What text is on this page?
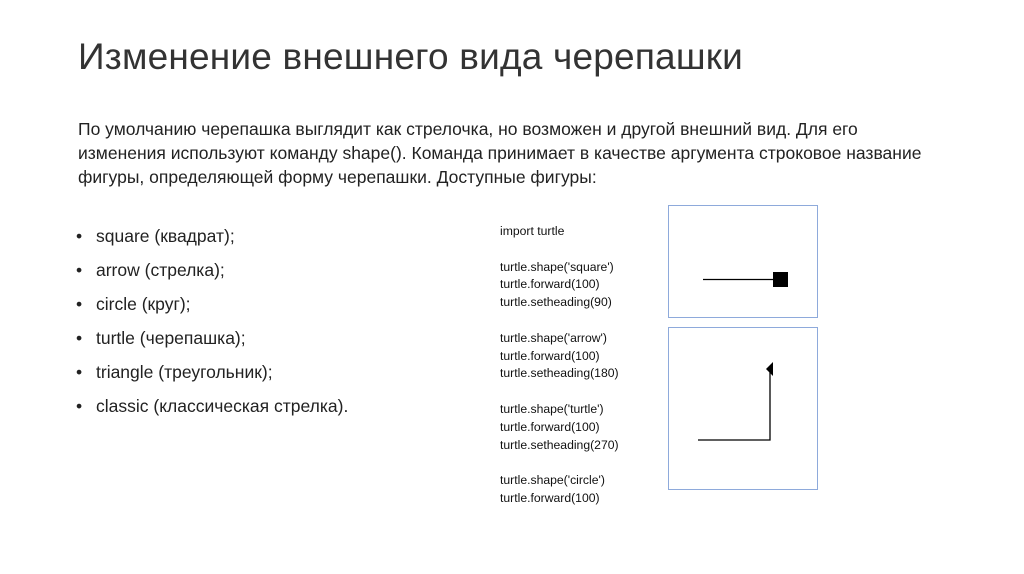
Изменение внешнего вида черепашки
По умолчанию черепашка выглядит как стрелочка, но возможен и другой внешний вид. Для его изменения используют команду shape(). Команда принимает в качестве аргумента строковое название фигуры, определяющей форму черепашки. Доступные фигуры:
• square (квадрат);
• arrow (стрелка);
• circle (круг);
• turtle (черепашка);
• triangle (треугольник);
• classic (классическая стрелка).
import turtle
turtle.shape('square')
turtle.forward(100)
turtle.setheading(90)
turtle.shape('arrow')
turtle.forward(100)
turtle.setheading(180)
turtle.shape('turtle')
turtle.forward(100)
turtle.setheading(270)
turtle.shape('circle')
turtle.forward(100)
